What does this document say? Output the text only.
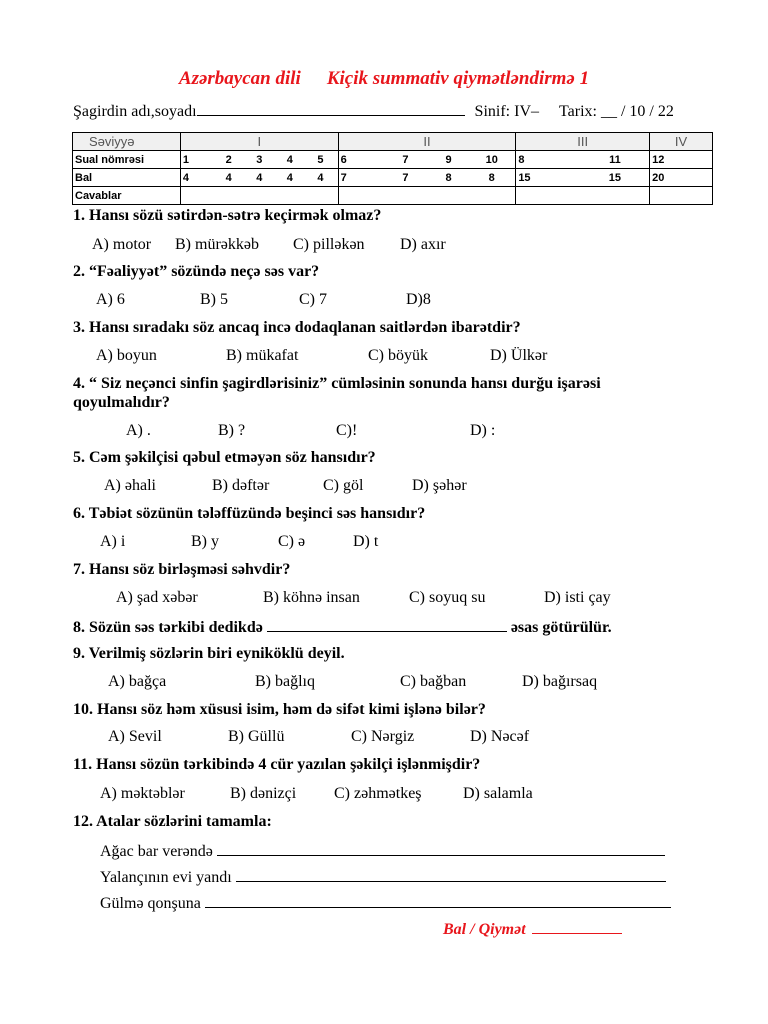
Azərbaycan dili Kiçik summativ qiymətləndirmə 1
Şagirdin adı,soyadı	Sinif: IV– Tarix: __ / 10 / 22
Səviyyə	I	II	III	IV
Sual nömrəsi	1 2 3 4 5	6 7 9 10	8 11	12

Bal	4 4 4 4 4	7 7 8 8	15 15	20

Cavablar				
1. Hansı sözü sətirdən-sətrə keçirmək olmaz?

A) motor

B) mürəkkəb

C) pilləkən

D) axır

2. “Fəaliyyət” sözündə neçə səs var?

A) 6

	B) 5

	C) 7

	D)8

3. Hansı sıradakı söz ancaq incə dodaqlanan saitlərdən ibarətdir?

A) boyun

	B) mükafat

	C) böyük

	D) Ülkər

4. “ Siz neçənci sinfin şagirdlərisiniz” cümləsinin sonunda hansı durğu işarəsi
qoyulmalıdır?

A) .

	B) ?

	C)!

	D) :

5. Cəm şəkilçisi qəbul etməyən söz hansıdır?

A) əhali

	B) dəftər

	C) göl

	D) şəhər

6. Təbiət sözünün tələffüzündə beşinci səs hansıdır?

A) i

	B) y

	C) ə

	D) t

7. Hansı söz birləşməsi səhvdir?

A) şad xəbər

	B) köhnə insan

	C) soyuq su

	D) isti çay

8. Sözün səs tərkibi dedikdə	əsas götürülür.
9. Verilmiş sözlərin biri eyniköklü deyil.

A) bağça

	B) bağlıq

	C) bağban

	D) bağırsaq

10. Hansı söz həm xüsusi isim, həm də sifət kimi işlənə bilər?

A) Sevil

	B) Güllü

	C) Nərgiz

	D) Nəcəf

11. Hansı sözün tərkibində 4 cür yazılan şəkilçi işlənmişdir?

A) məktəblər

	B) dənizçi

C) zəhmətkeş

	D) salamla

12. Atalar sözlərini tamamla:
Ağac bar verəndə
Yalançının evi yandı
Gülmə qonşuna
Bal / Qiymət
